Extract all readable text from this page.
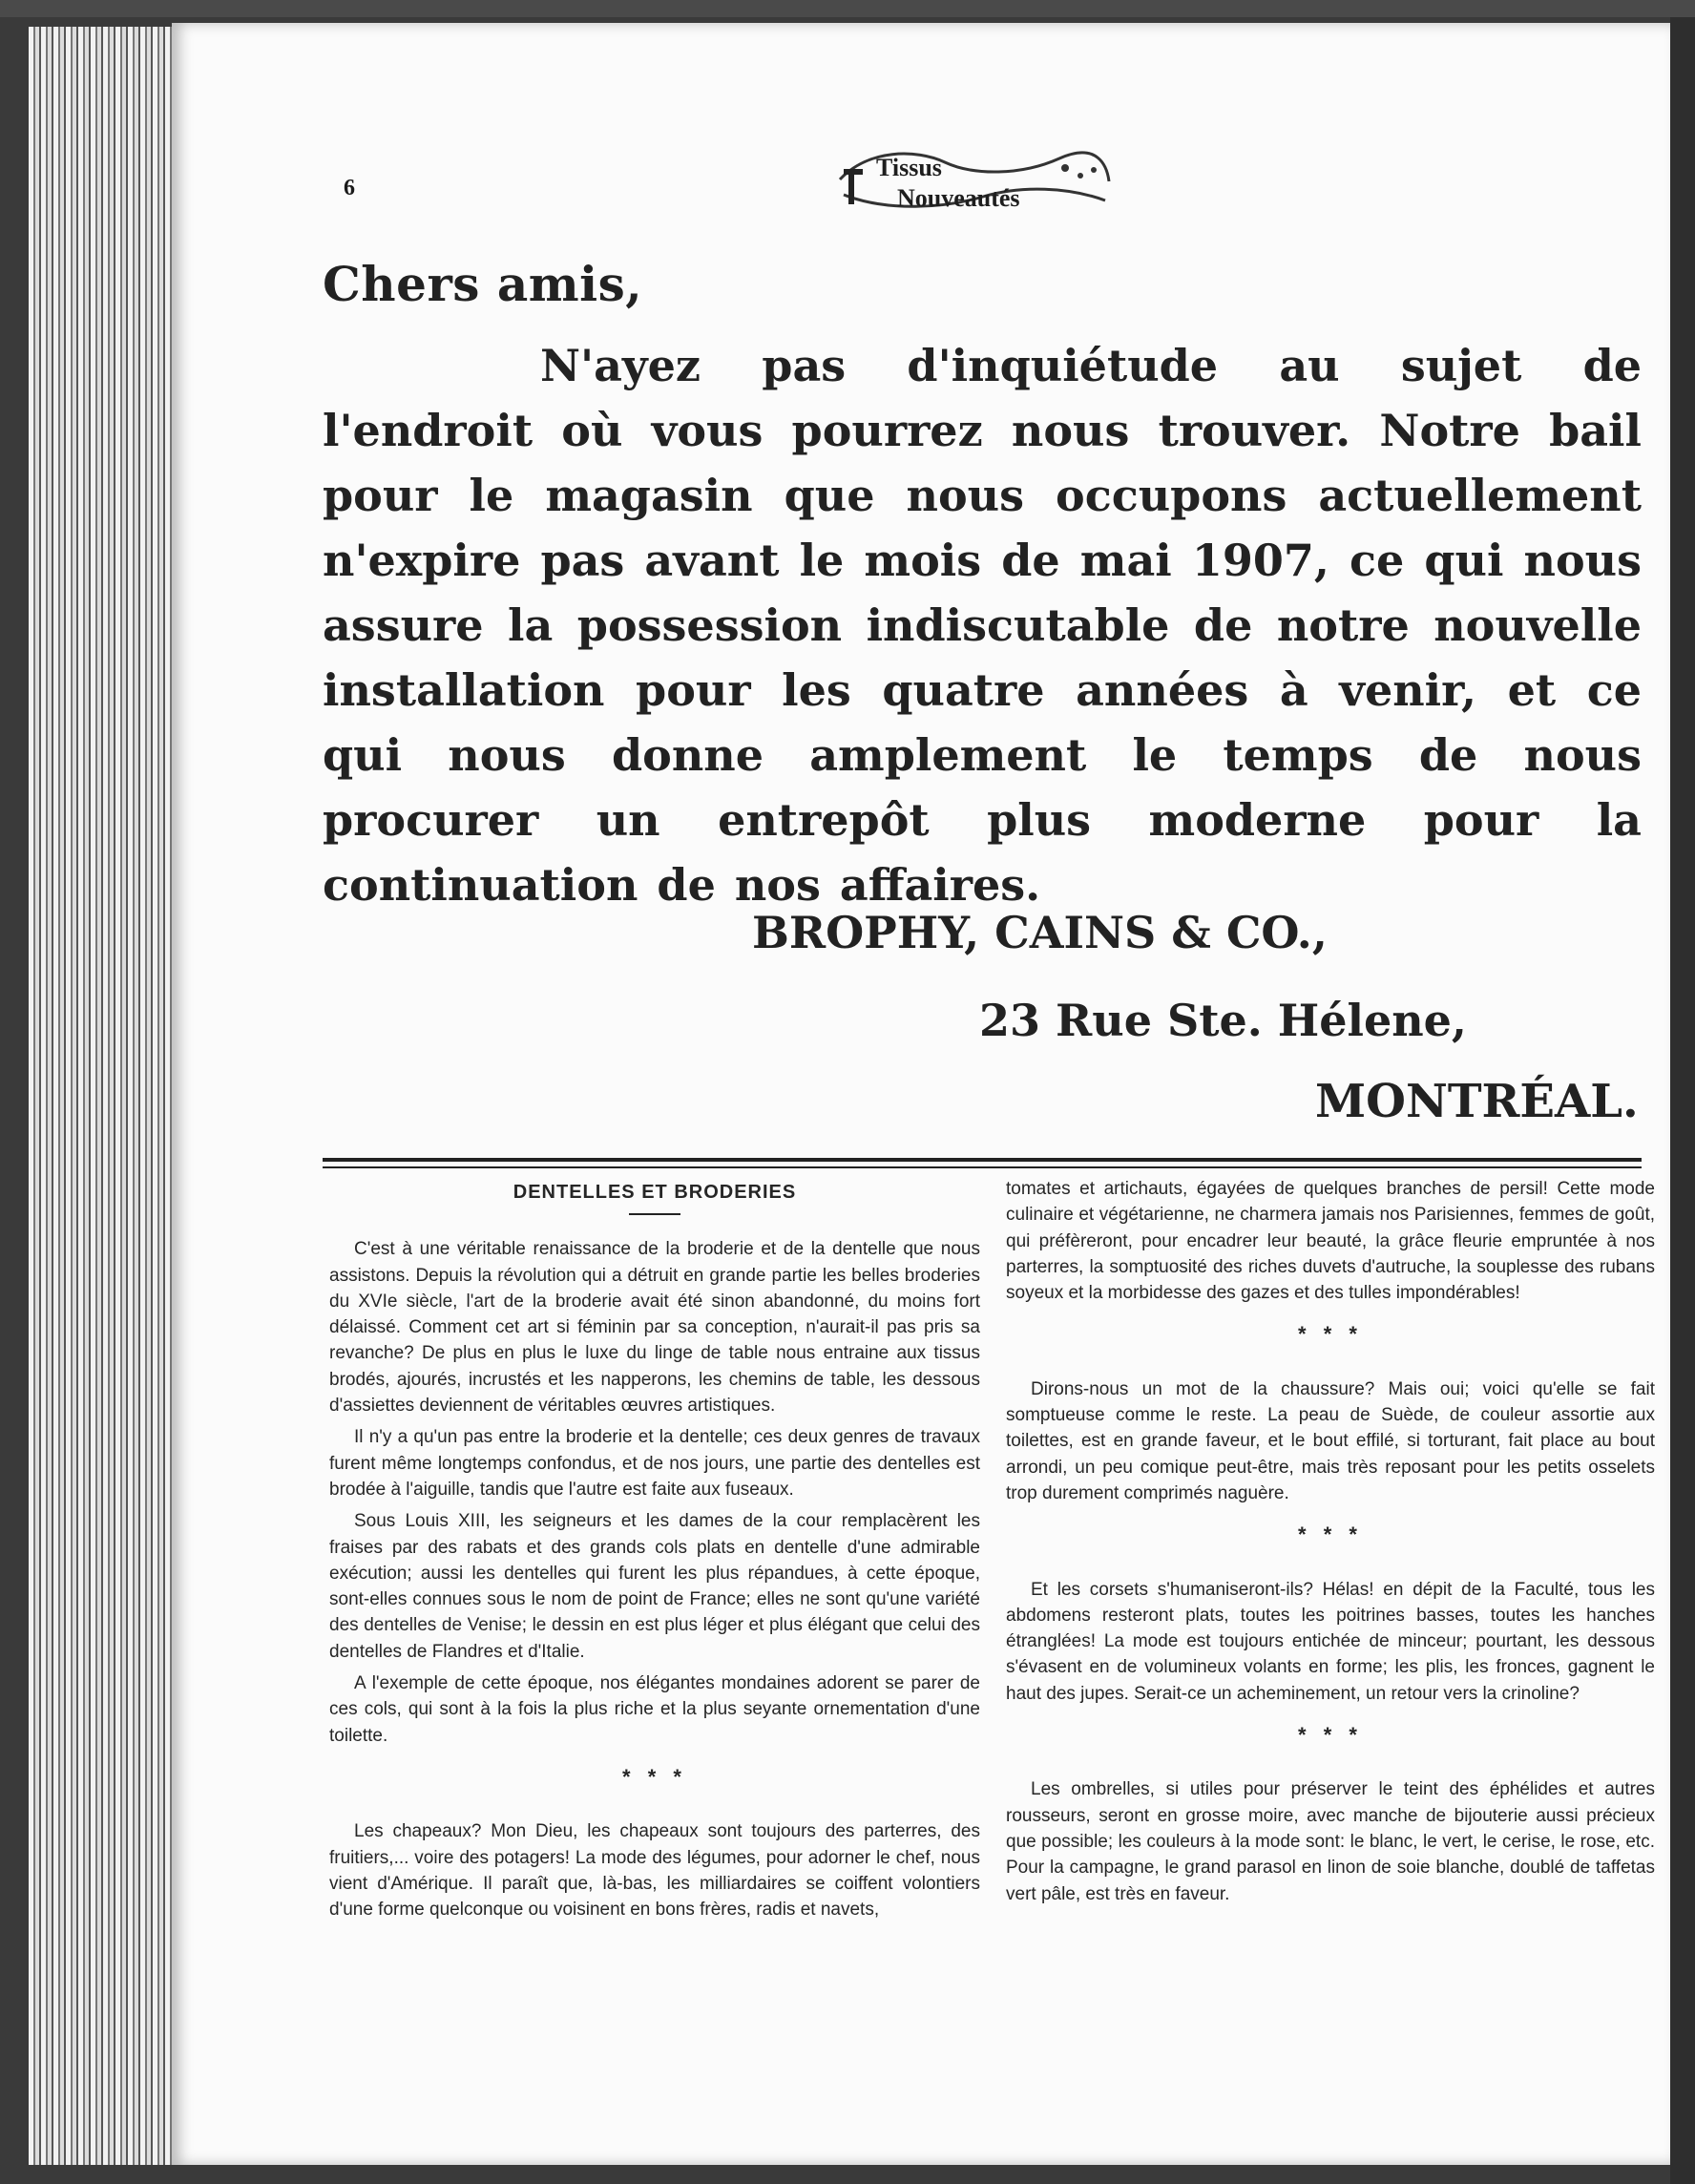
6
Tissus
Nouveautés

Chers amis,

N'ayez pas d'inquiétude au sujet de l'endroit où vous pourrez nous trouver. Notre bail pour le magasin que nous occupons actuellement n'expire pas avant le mois de mai 1907, ce qui nous assure la possession indiscutable de notre nouvelle installation pour les quatre années à venir, et ce qui nous donne amplement le temps de nous procurer un entrepôt plus moderne pour la continuation de nos affaires.

BROPHY, CAINS & CO.,
23 Rue Ste. Hélene,
MONTRÉAL.
DENTELLES ET BRODERIES

C'est à une véritable renaissance de la broderie et de la dentelle que nous assistons. Depuis la révolution qui a détruit en grande partie les belles broderies du XVIe siècle, l'art de la broderie avait été sinon abandonné, du moins fort délaissé. Comment cet art si féminin par sa conception, n'aurait-il pas pris sa revanche? De plus en plus le luxe du linge de table nous entraine aux tissus brodés, ajourés, incrustés et les napperons, les chemins de table, les dessous d'assiettes deviennent de véritables œuvres artistiques.

Il n'y a qu'un pas entre la broderie et la dentelle; ces deux genres de travaux furent même longtemps confondus, et de nos jours, une partie des dentelles est brodée à l'aiguille, tandis que l'autre est faite aux fuseaux.

Sous Louis XIII, les seigneurs et les dames de la cour remplacèrent les fraises par des rabats et des grands cols plats en dentelle d'une admirable exécution; aussi les dentelles qui furent les plus répandues, à cette époque, sont-elles connues sous le nom de point de France; elles ne sont qu'une variété des dentelles de Venise; le dessin en est plus léger et plus élégant que celui des dentelles de Flandres et d'Italie.

A l'exemple de cette époque, nos élégantes mondaines adorent se parer de ces cols, qui sont à la fois la plus riche et la plus seyante ornementation d'une toilette.

* * *

Les chapeaux? Mon Dieu, les chapeaux sont toujours des parterres, des fruitiers,... voire des potagers! La mode des légumes, pour adorner le chef, nous vient d'Amérique. Il paraît que, là-bas, les milliardaires se coiffent volontiers d'une forme quelconque ou voisinent en bons frères, radis et navets,

tomates et artichauts, égayées de quelques branches de persil! Cette mode culinaire et végétarienne, ne charmera jamais nos Parisiennes, femmes de goût, qui préfèreront, pour encadrer leur beauté, la grâce fleurie empruntée à nos parterres, la somptuosité des riches duvets d'autruche, la souplesse des rubans soyeux et la morbidesse des gazes et des tulles impondérables!

* * *

Dirons-nous un mot de la chaussure? Mais oui; voici qu'elle se fait somptueuse comme le reste. La peau de Suède, de couleur assortie aux toilettes, est en grande faveur, et le bout effilé, si torturant, fait place au bout arrondi, un peu comique peut-être, mais très reposant pour les petits osselets trop durement comprimés naguère.

* * *

Et les corsets s'humaniseront-ils? Hélas! en dépit de la Faculté, tous les abdomens resteront plats, toutes les poitrines basses, toutes les hanches étranglées! La mode est toujours entichée de minceur; pourtant, les dessous s'évasent en de volumineux volants en forme; les plis, les fronces, gagnent le haut des jupes. Serait-ce un acheminement, un retour vers la crinoline?

* * *

Les ombrelles, si utiles pour préserver le teint des éphélides et autres rousseurs, seront en grosse moire, avec manche de bijouterie aussi précieux que possible; les couleurs à la mode sont: le blanc, le vert, le cerise, le rose, etc. Pour la campagne, le grand parasol en linon de soie blanche, doublé de taffetas vert pâle, est très en faveur.
